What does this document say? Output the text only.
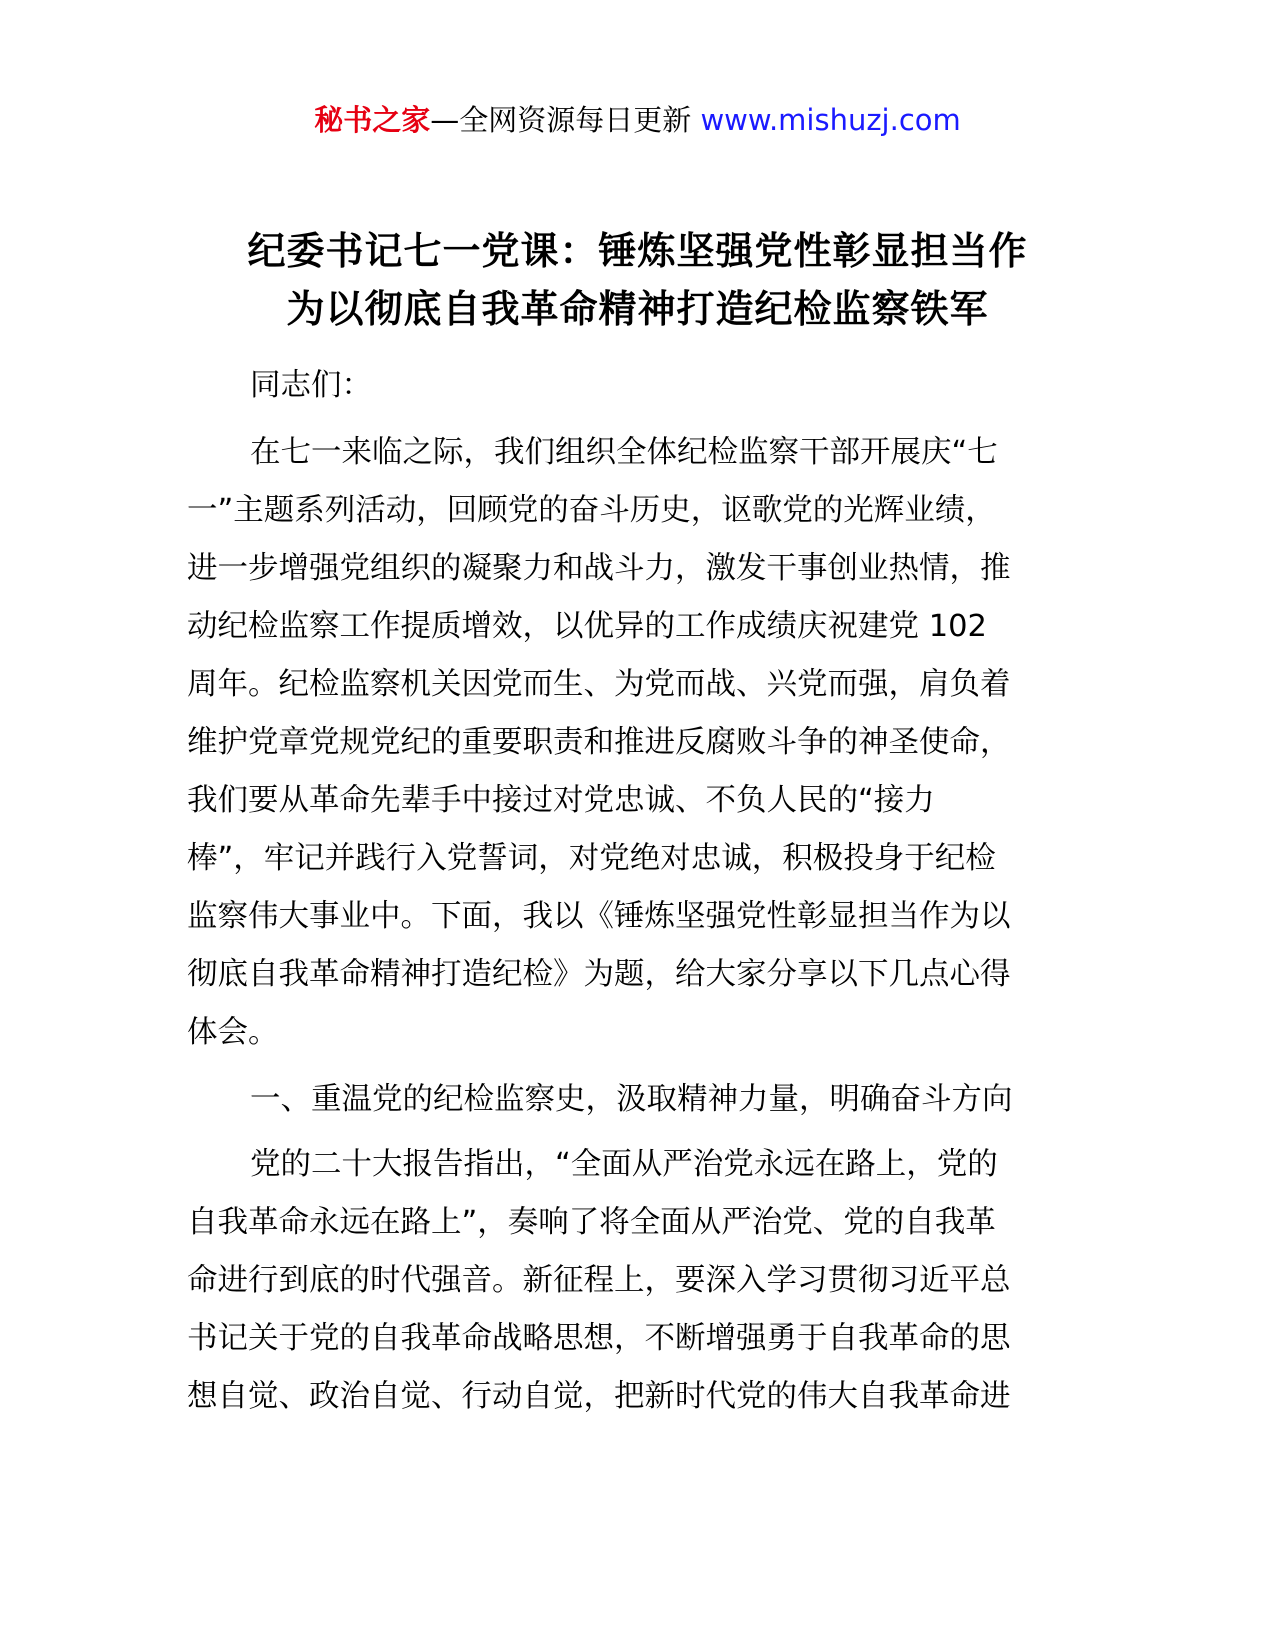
秘书之家—全网资源每日更新 www.mishuzj.com
纪委书记七一党课：锤炼坚强党性彰显担当作
为以彻底自我革命精神打造纪检监察铁军
同志们：
在七一来临之际，我们组织全体纪检监察干部开展庆“七
一”主题系列活动，回顾党的奋斗历史，讴歌党的光辉业绩，
进一步增强党组织的凝聚力和战斗力，激发干事创业热情，推
动纪检监察工作提质增效，以优异的工作成绩庆祝建党 102
周年。纪检监察机关因党而生、为党而战、兴党而强，肩负着
维护党章党规党纪的重要职责和推进反腐败斗争的神圣使命，
我们要从革命先辈手中接过对党忠诚、不负人民的“接力
棒”，牢记并践行入党誓词，对党绝对忠诚，积极投身于纪检
监察伟大事业中。下面，我以《锤炼坚强党性彰显担当作为以
彻底自我革命精神打造纪检》为题，给大家分享以下几点心得
体会。
一、重温党的纪检监察史，汲取精神力量，明确奋斗方向
党的二十大报告指出，“全面从严治党永远在路上，党的
自我革命永远在路上”，奏响了将全面从严治党、党的自我革
命进行到底的时代强音。新征程上，要深入学习贯彻习近平总
书记关于党的自我革命战略思想，不断增强勇于自我革命的思
想自觉、政治自觉、行动自觉，把新时代党的伟大自我革命进
